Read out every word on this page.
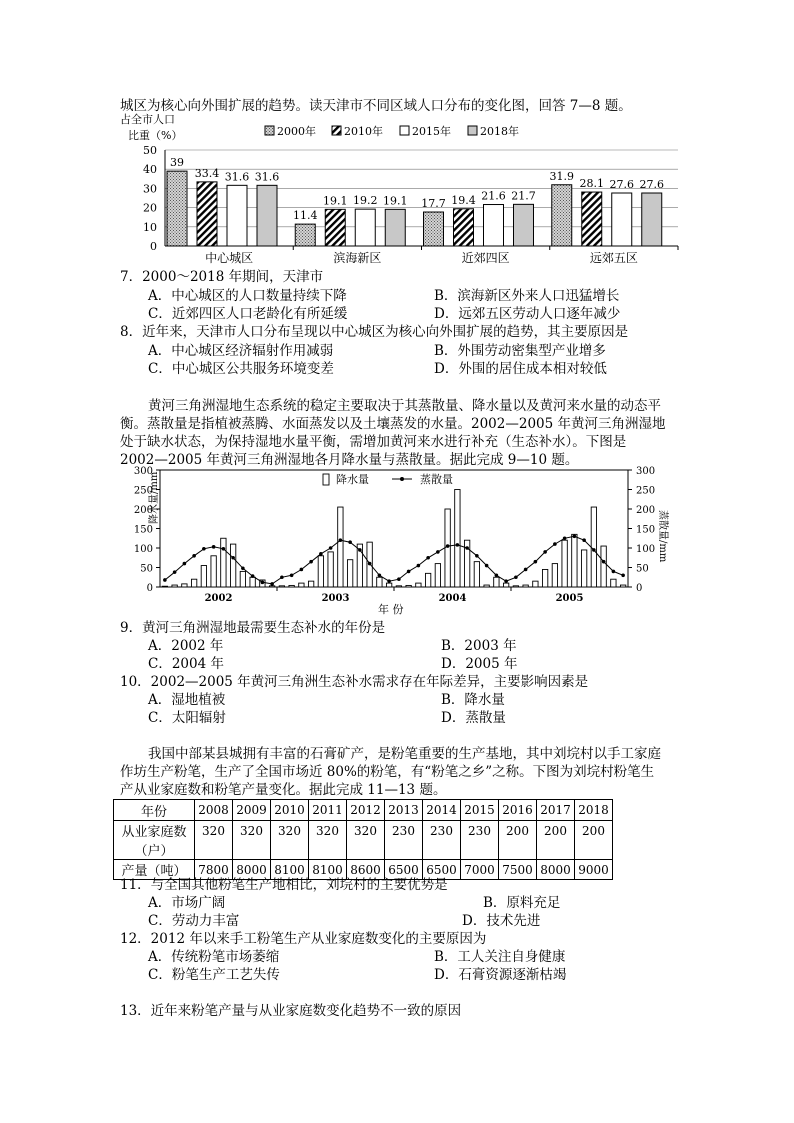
城区为核心向外围扩展的趋势。读天津市不同区域人口分布的变化图，回答 7—8 题。
占全市人口
比重（%）	2000年	2010年	2015年	2018年
0
10
20
30
40
50
中心城区	滨海新区	近郊四区	远郊五区
39
33.4 31.6 31.6
11.4
19.1 19.2 19.1 17.7 19.4 21.6 21.7
31.9
28.1 27.6 27.6
7．2000～2018 年期间，天津市
A．中心城区的人口数量持续下降	B．滨海新区外来人口迅猛增长
C．近郊四区人口老龄化有所延缓	D．远郊五区劳动人口逐年减少
8．近年来，天津市人口分布呈现以中心城区为核心向外围扩展的趋势，其主要原因是
A．中心城区经济辐射作用减弱	B．外围劳动密集型产业增多
C．中心城区公共服务环境变差	D．外围的居住成本相对较低
黄河三角洲湿地生态系统的稳定主要取决于其蒸散量、降水量以及黄河来水量的动态平
衡。蒸散量是指植被蒸腾、水面蒸发以及土壤蒸发的水量。2002—2005 年黄河三角洲湿地
处于缺水状态，为保持湿地水量平衡，需增加黄河来水进行补充（生态补水）。下图是
2002—2005 年黄河三角洲湿地各月降水量与蒸散量。据此完成 9—10 题。
降水量	蒸散量
0	0
50	50
100	100
150	150
200	200
250	250
300	300
2002	2003	2004	2005
降水量/mm
蒸散量/mm
年 份
9．黄河三角洲湿地最需要生态补水的年份是
A．2002 年	B．2003 年
C．2004 年	D．2005 年
10．2002—2005 年黄河三角洲生态补水需求存在年际差异，主要影响因素是
A．湿地植被	B．降水量
C．太阳辐射	D．蒸散量
我国中部某县城拥有丰富的石膏矿产，是粉笔重要的生产基地，其中刘垸村以手工家庭
作坊生产粉笔，生产了全国市场近 80%的粉笔，有“粉笔之乡”之称。下图为刘垸村粉笔生
产从业家庭数和粉笔产量变化。据此完成 11—13 题。
年份	2008	2009	2010	2011	2012	2013	2014	2015	2016	2017	2018
从业家庭数
（户）	320	320	320	320	320	230	230	230	200	200	200
产量（吨）	7800	8000	8100	8100	8600	6500	6500	7000	7500	8000	9000
11．与全国其他粉笔生产地相比，刘垸村的主要优势是
A．市场广阔	B．原料充足
C．劳动力丰富	D．技术先进
12．2012 年以来手工粉笔生产从业家庭数变化的主要原因为
A．传统粉笔市场萎缩	B．工人关注自身健康
C．粉笔生产工艺失传	D．石膏资源逐渐枯竭
13．近年来粉笔产量与从业家庭数变化趋势不一致的原因
